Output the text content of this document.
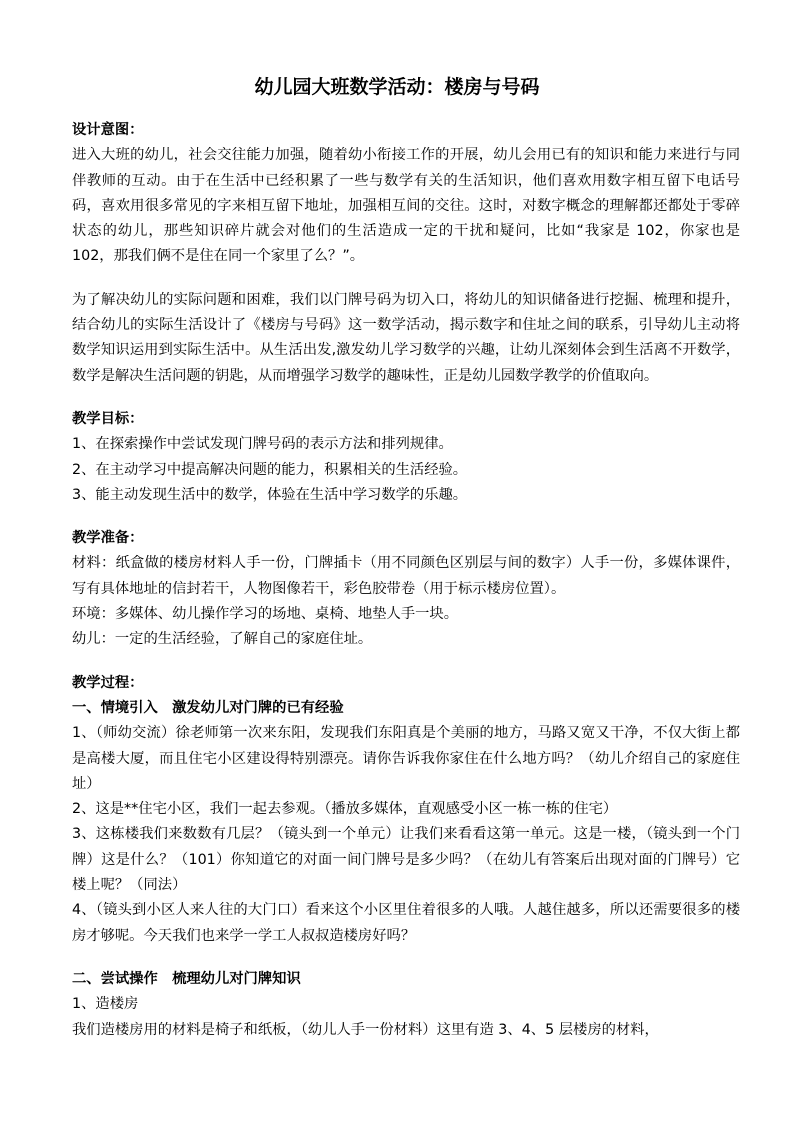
幼儿园大班数学活动：楼房与号码

设计意图：

进入大班的幼儿，社会交往能力加强，随着幼小衔接工作的开展，幼儿会用已有的知识和能力来进行与同伴教师的互动。由于在生活中已经积累了一些与数学有关的生活知识，他们喜欢用数字相互留下电话号码，喜欢用很多常见的字来相互留下地址，加强相互间的交往。这时，对数字概念的理解都还都处于零碎状态的幼儿，那些知识碎片就会对他们的生活造成一定的干扰和疑问，比如“我家是 102，你家也是 102，那我们俩不是住在同一个家里了么？”。

为了解决幼儿的实际问题和困难，我们以门牌号码为切入口，将幼儿的知识储备进行挖掘、梳理和提升，结合幼儿的实际生活设计了《楼房与号码》这一数学活动，揭示数字和住址之间的联系，引导幼儿主动将数学知识运用到实际生活中。从生活出发,激发幼儿学习数学的兴趣，让幼儿深刻体会到生活离不开数学，数学是解决生活问题的钥匙，从而增强学习数学的趣味性，正是幼儿园数学教学的价值取向。

教学目标：

1、在探索操作中尝试发现门牌号码的表示方法和排列规律。

2、在主动学习中提高解决问题的能力，积累相关的生活经验。

3、能主动发现生活中的数学，体验在生活中学习数学的乐趣。

教学准备：

材料：纸盒做的楼房材料人手一份，门牌插卡（用不同颜色区别层与间的数字）人手一份，多媒体课件，写有具体地址的信封若干，人物图像若干，彩色胶带卷（用于标示楼房位置）。

环境：多媒体、幼儿操作学习的场地、桌椅、地垫人手一块。

幼儿：一定的生活经验，了解自己的家庭住址。

教学过程：

一、情境引入　激发幼儿对门牌的已有经验

1、（师幼交流）徐老师第一次来东阳，发现我们东阳真是个美丽的地方，马路又宽又干净，不仅大街上都是高楼大厦，而且住宅小区建设得特别漂亮。请你告诉我你家住在什么地方吗？（幼儿介绍自己的家庭住址）

2、这是**住宅小区，我们一起去参观。（播放多媒体，直观感受小区一栋一栋的住宅）

3、这栋楼我们来数数有几层？（镜头到一个单元）让我们来看看这第一单元。这是一楼，（镜头到一个门牌）这是什么？（101）你知道它的对面一间门牌号是多少吗？（在幼儿有答案后出现对面的门牌号）它楼上呢？（同法）

4、（镜头到小区人来人往的大门口）看来这个小区里住着很多的人哦。人越住越多，所以还需要很多的楼房才够呢。今天我们也来学一学工人叔叔造楼房好吗？

二、尝试操作　梳理幼儿对门牌知识

1、造楼房

我们造楼房用的材料是椅子和纸板，（幼儿人手一份材料）这里有造 3、4、5 层楼房的材料，
